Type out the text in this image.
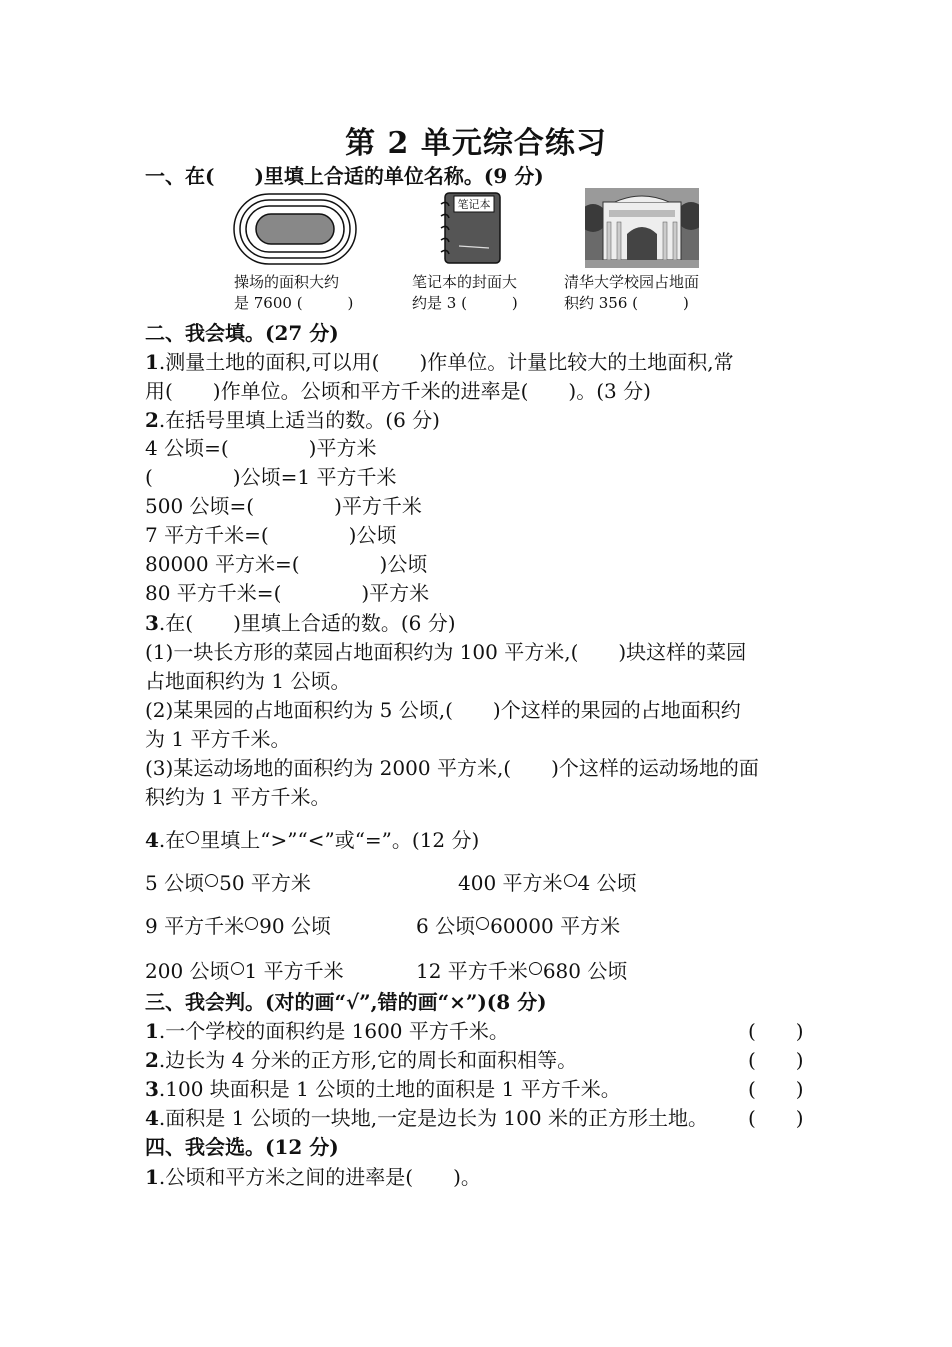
第 2 单元综合练习
一、在(　　)里填上合适的单位名称。(9 分)
操场的面积大约
是 7600 (　　　)
笔记本
笔记本的封面大
约是 3 (　　　)
清华大学校园占地面
积约 356 (　　　)
二、我会填。(27 分)
1.测量土地的面积,可以用(　　)作单位。计量比较大的土地面积,常
用(　　)作单位。公顷和平方千米的进率是(　　)。(3 分)
2.在括号里填上适当的数。(6 分)
4 公顷=(　　　　)平方米
(　　　　)公顷=1 平方千米
500 公顷=(　　　　)平方千米
7 平方千米=(　　　　)公顷
80000 平方米=(　　　　)公顷
80 平方千米=(　　　　)平方米
3.在(　　)里填上合适的数。(6 分)
(1)一块长方形的菜园占地面积约为 100 平方米,(　　)块这样的菜园
占地面积约为 1 公顷。
(2)某果园的占地面积约为 5 公顷,(　　)个这样的果园的占地面积约
为 1 平方千米。
(3)某运动场地的面积约为 2000 平方米,(　　)个这样的运动场地的面
积约为 1 平方千米。
4.在 里填上“>”“<”或“=”。(12 分)
5 公顷 50 平方米	400 平方米 4 公顷
9 平方千米 90 公顷	6 公顷 60000 平方米
200 公顷 1 平方千米	12 平方千米 680 公顷
三、我会判。(对的画“√”,错的画“×”)(8 分)
1.一个学校的面积约是 1600 平方千米。	(　　)
2.边长为 4 分米的正方形,它的周长和面积相等。	(　　)
3.100 块面积是 1 公顷的土地的面积是 1 平方千米。	(　　)
4.面积是 1 公顷的一块地,一定是边长为 100 米的正方形土地。 (　　)
四、我会选。(12 分)
1.公顷和平方米之间的进率是(　　)。
